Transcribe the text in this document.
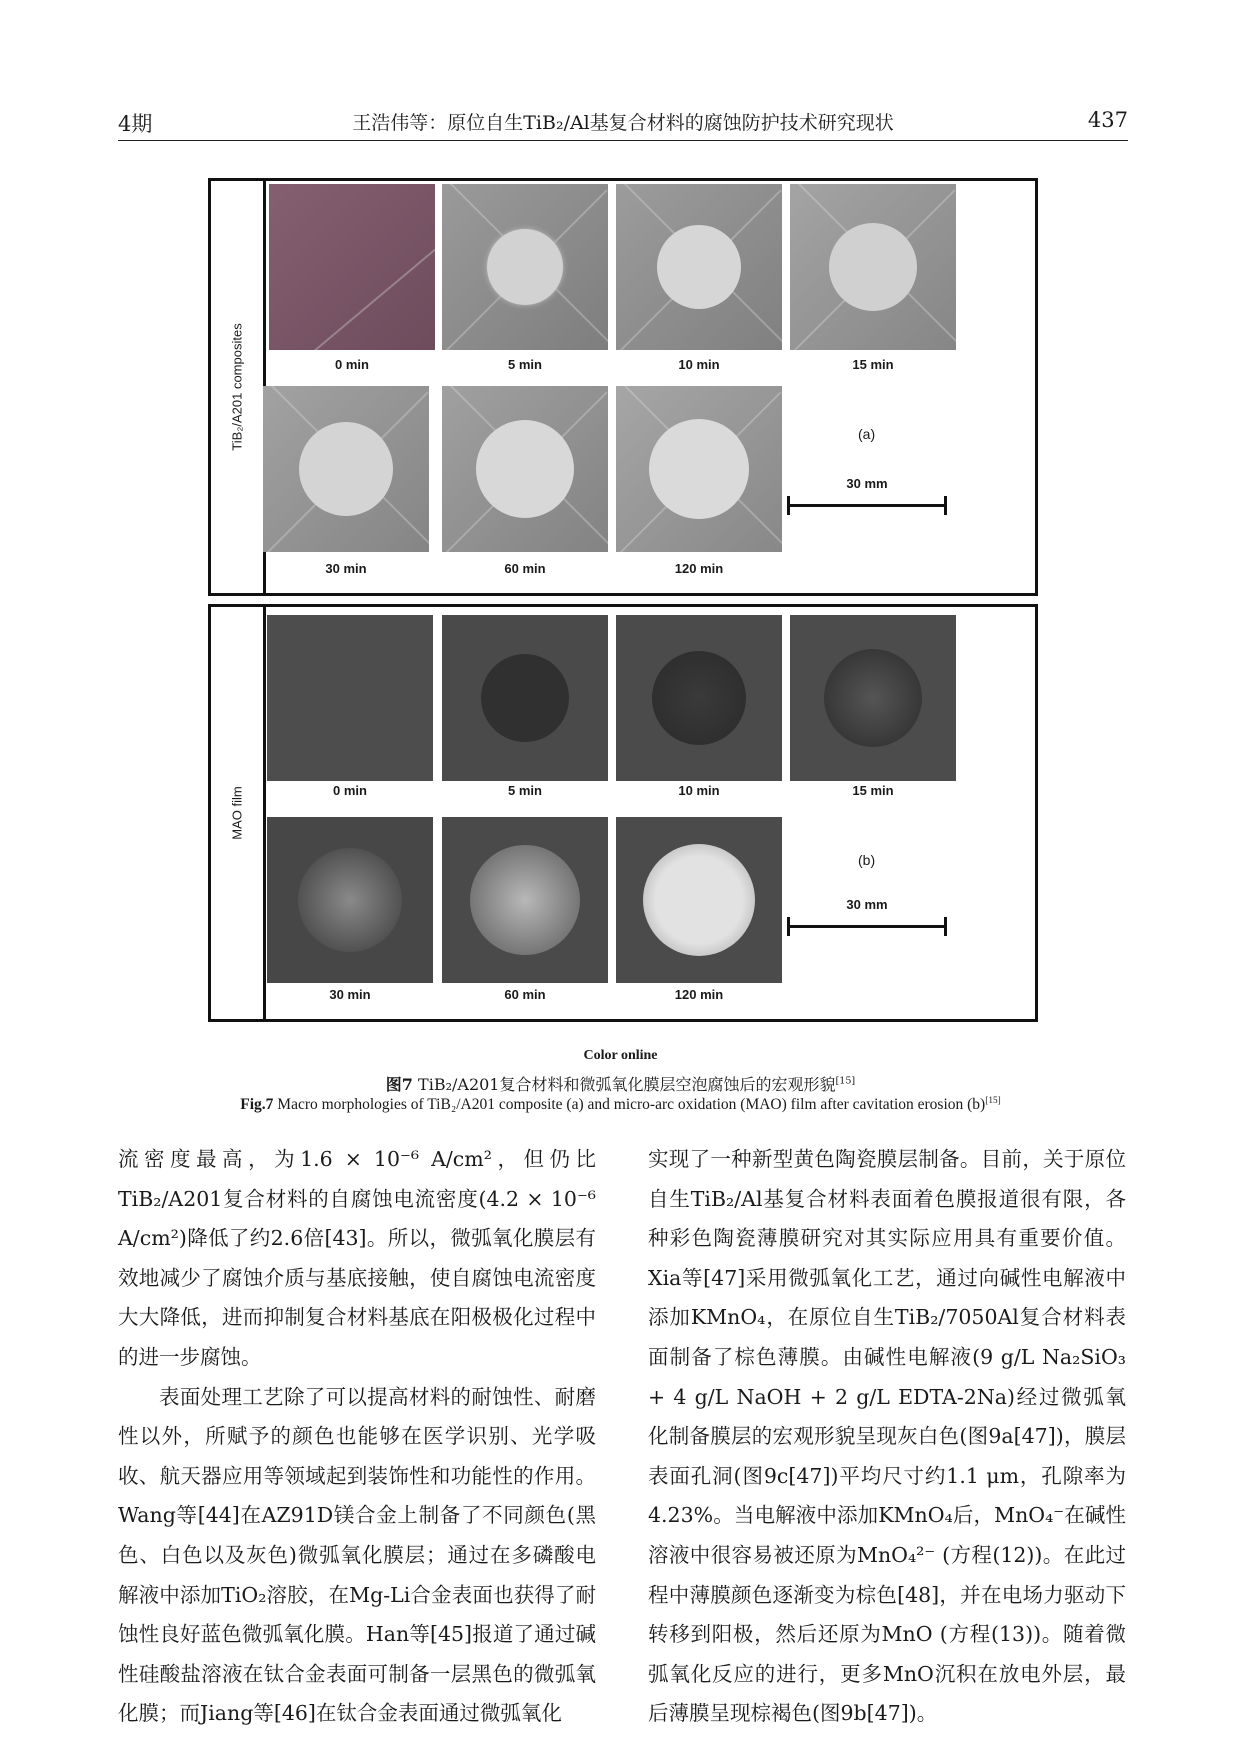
4期	王浩伟等：原位自生TiB₂/Al基复合材料的腐蚀防护技术研究现状	437
TiB₂/A201 composites	0 min	5 min	10 min	15 min
30 min	60 min	120 min
(a)
30 mm
MAO film	0 min	5 min	10 min	15 min
30 min	60 min	120 min
(b)
30 mm
Color online
图7 TiB₂/A201复合材料和微弧氧化膜层空泡腐蚀后的宏观形貌[15]
Fig.7 Macro morphologies of TiB₂/A201 composite (a) and micro-arc oxidation (MAO) film after cavitation erosion (b)[15]

流密度最高，为1.6 × 10⁻⁶ A/cm²，但仍比TiB₂/A201复合材料的自腐蚀电流密度(4.2 × 10⁻⁶ A/cm²)降低了约2.6倍[43]。所以，微弧氧化膜层有效地减少了腐蚀介质与基底接触，使自腐蚀电流密度大大降低，进而抑制复合材料基底在阳极极化过程中的进一步腐蚀。

表面处理工艺除了可以提高材料的耐蚀性、耐磨性以外，所赋予的颜色也能够在医学识别、光学吸收、航天器应用等领域起到装饰性和功能性的作用。Wang等[44]在AZ91D镁合金上制备了不同颜色(黑色、白色以及灰色)微弧氧化膜层；通过在多磷酸电解液中添加TiO₂溶胶，在Mg-Li合金表面也获得了耐蚀性良好蓝色微弧氧化膜。Han等[45]报道了通过碱性硅酸盐溶液在钛合金表面可制备一层黑色的微弧氧化膜；而Jiang等[46]在钛合金表面通过微弧氧化

实现了一种新型黄色陶瓷膜层制备。目前，关于原位自生TiB₂/Al基复合材料表面着色膜报道很有限，各种彩色陶瓷薄膜研究对其实际应用具有重要价值。Xia等[47]采用微弧氧化工艺，通过向碱性电解液中添加KMnO₄，在原位自生TiB₂/7050Al复合材料表面制备了棕色薄膜。由碱性电解液(9 g/L Na₂SiO₃ + 4 g/L NaOH + 2 g/L EDTA-2Na)经过微弧氧化制备膜层的宏观形貌呈现灰白色(图9a[47])，膜层表面孔洞(图9c[47])平均尺寸约1.1 μm，孔隙率为4.23%。当电解液中添加KMnO₄后，MnO₄⁻在碱性溶液中很容易被还原为MnO₄²⁻ (方程(12))。在此过程中薄膜颜色逐渐变为棕色[48]，并在电场力驱动下转移到阳极，然后还原为MnO (方程(13))。随着微弧氧化反应的进行，更多MnO沉积在放电外层，最后薄膜呈现棕褐色(图9b[47])。
